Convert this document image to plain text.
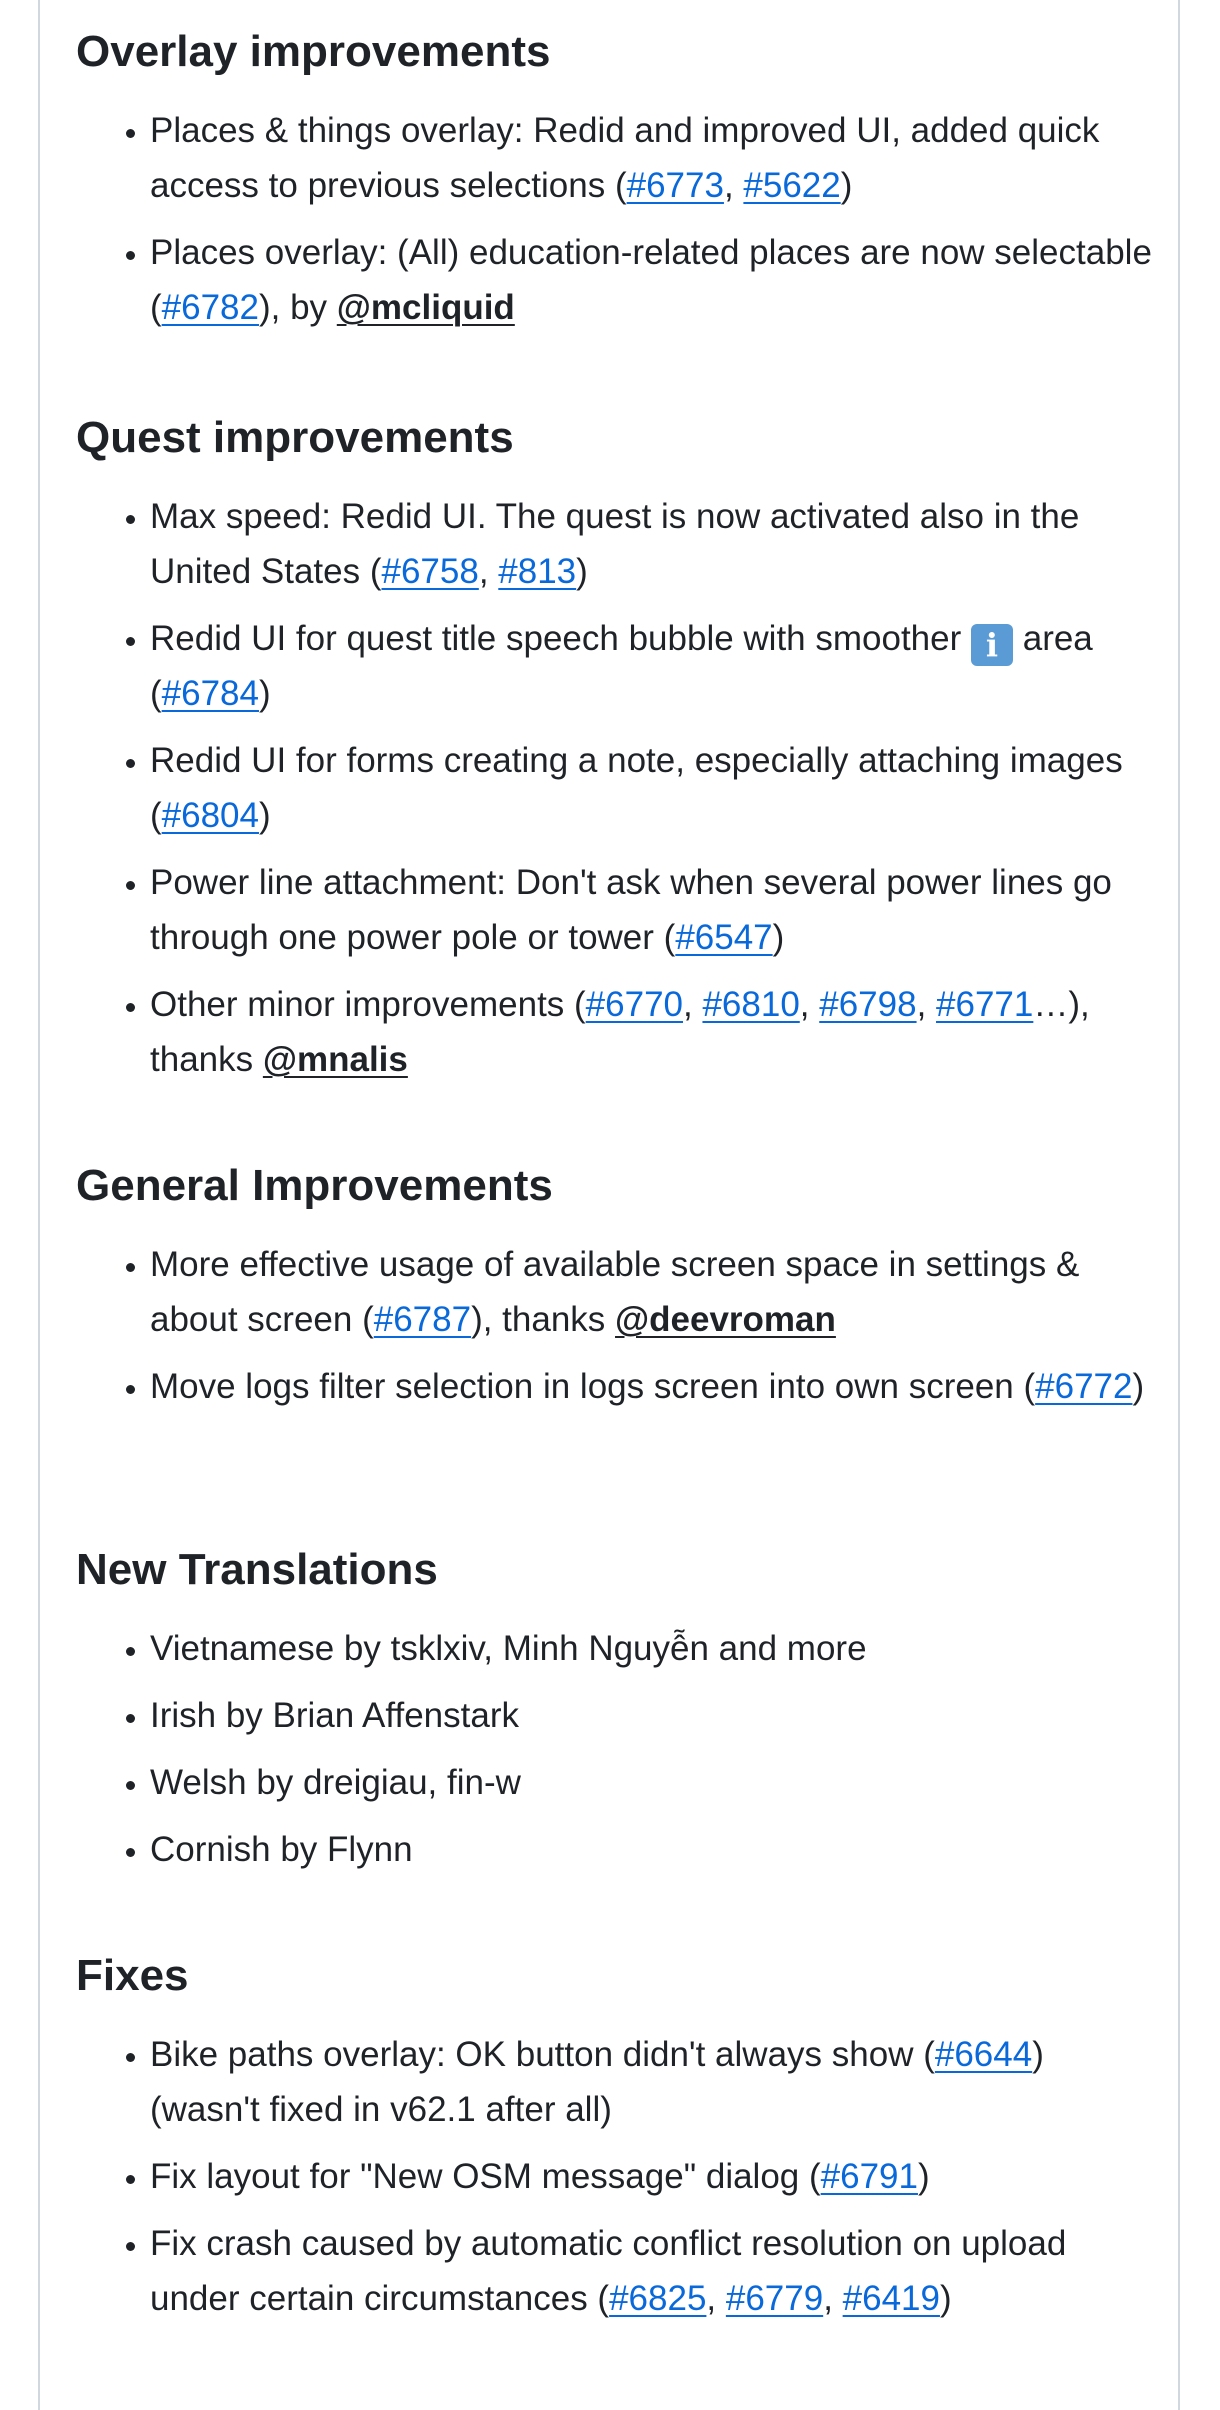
Overlay improvements
• Places & things overlay: Redid and improved UI, added quick access to previous selections (#6773, #5622)
• Places overlay: (All) education-related places are now selectable (#6782), by @mcliquid
Quest improvements
• Max speed: Redid UI. The quest is now activated also in the United States (#6758, #813)
• Redid UI for quest title speech bubble with smoother i area (#6784)
• Redid UI for forms creating a note, especially attaching images (#6804)
• Power line attachment: Don't ask when several power lines go through one power pole or tower (#6547)
• Other minor improvements (#6770, #6810, #6798, #6771…), thanks @mnalis
General Improvements
• More effective usage of available screen space in settings & about screen (#6787), thanks @deevroman
• Move logs filter selection in logs screen into own screen (#6772)
New Translations
• Vietnamese by tsklxiv, Minh Nguyễn and more
• Irish by Brian Affenstark
• Welsh by dreigiau, fin-w
• Cornish by Flynn
Fixes
• Bike paths overlay: OK button didn't always show (#6644) (wasn't fixed in v62.1 after all)
• Fix layout for "New OSM message" dialog (#6791)
• Fix crash caused by automatic conflict resolution on upload under certain circumstances (#6825, #6779, #6419)
